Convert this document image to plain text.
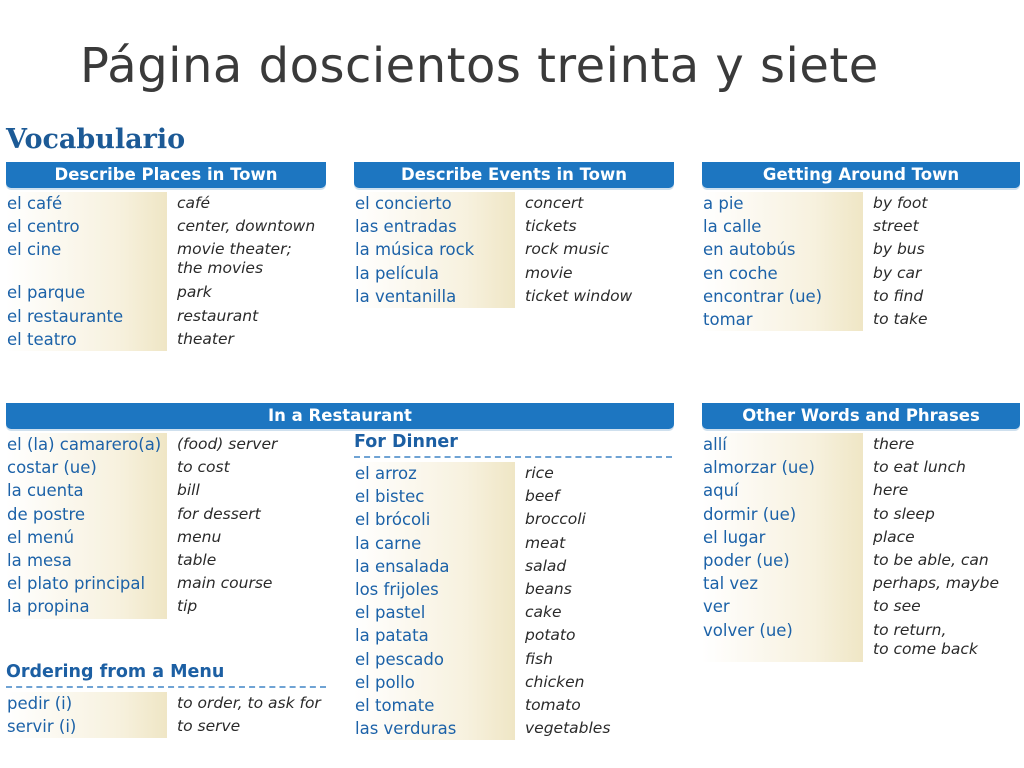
Página doscientos treinta y siete
Vocabulario
Describe Places in Town
el café	café
el centro	center, downtown
el cine	movie theater;
the movies
el parque	park
el restaurante	restaurant
el teatro	theater
Describe Events in Town
el concierto	concert
las entradas	tickets
la música rock	rock music
la película	movie
la ventanilla	ticket window
Getting Around Town
a pie	by foot
la calle	street
en autobús	by bus
en coche	by car
encontrar (ue)	to find
tomar	to take
In a Restaurant
el (la) camarero(a)	(food) server
costar (ue)	to cost
la cuenta	bill
de postre	for dessert
el menú	menu
la mesa	table
el plato principal	main course
la propina	tip
Ordering from a Menu
pedir (i)	to order, to ask for
servir (i)	to serve
For Dinner
el arroz	rice
el bistec	beef
el brócoli	broccoli
la carne	meat
la ensalada	salad
los frijoles	beans
el pastel	cake
la patata	potato
el pescado	fish
el pollo	chicken
el tomate	tomato
las verduras	vegetables
Other Words and Phrases
allí	there
almorzar (ue)	to eat lunch
aquí	here
dormir (ue)	to sleep
el lugar	place
poder (ue)	to be able, can
tal vez	perhaps, maybe
ver	to see
volver (ue)	to return,
to come back
